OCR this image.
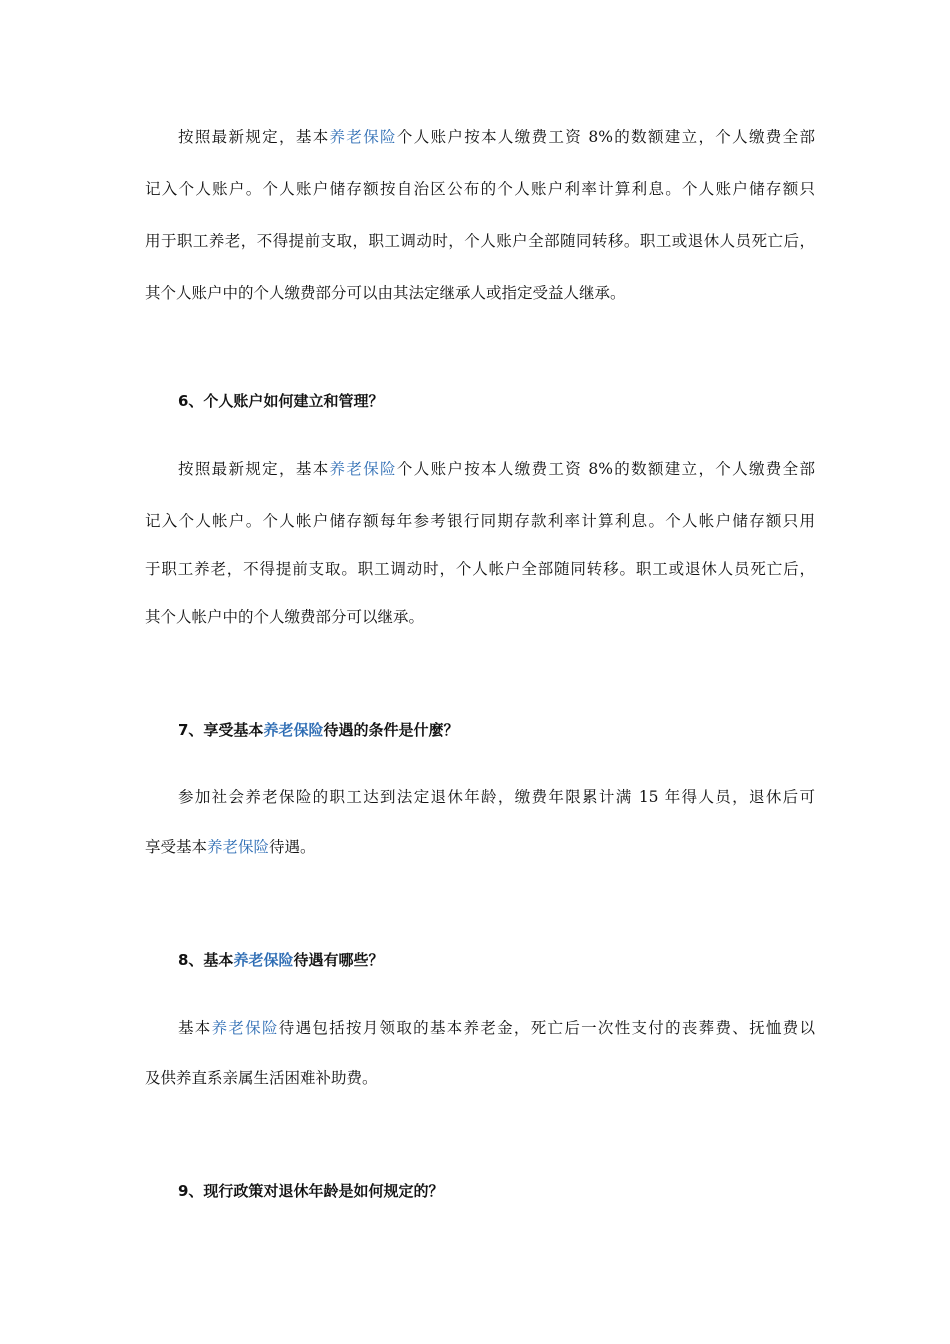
按照最新规定，基本养老保险个人账户按本人缴费工资 8%的数额建立，个人缴费全部
记入个人账户。个人账户储存额按自治区公布的个人账户利率计算利息。个人账户储存额只
用于职工养老，不得提前支取，职工调动时，个人账户全部随同转移。职工或退休人员死亡后，
其个人账户中的个人缴费部分可以由其法定继承人或指定受益人继承。
6、个人账户如何建立和管理？
按照最新规定，基本养老保险个人账户按本人缴费工资 8%的数额建立，个人缴费全部
记入个人帐户。个人帐户储存额每年参考银行同期存款利率计算利息。个人帐户储存额只用
于职工养老，不得提前支取。职工调动时，个人帐户全部随同转移。职工或退休人员死亡后，
其个人帐户中的个人缴费部分可以继承。
7、享受基本养老保险待遇的条件是什麼？
参加社会养老保险的职工达到法定退休年龄，缴费年限累计满 15 年得人员，退休后可
享受基本养老保险待遇。
8、基本养老保险待遇有哪些？
基本养老保险待遇包括按月领取的基本养老金，死亡后一次性支付的丧葬费、抚恤费以
及供养直系亲属生活困难补助费。
9、现行政策对退休年龄是如何规定的？
